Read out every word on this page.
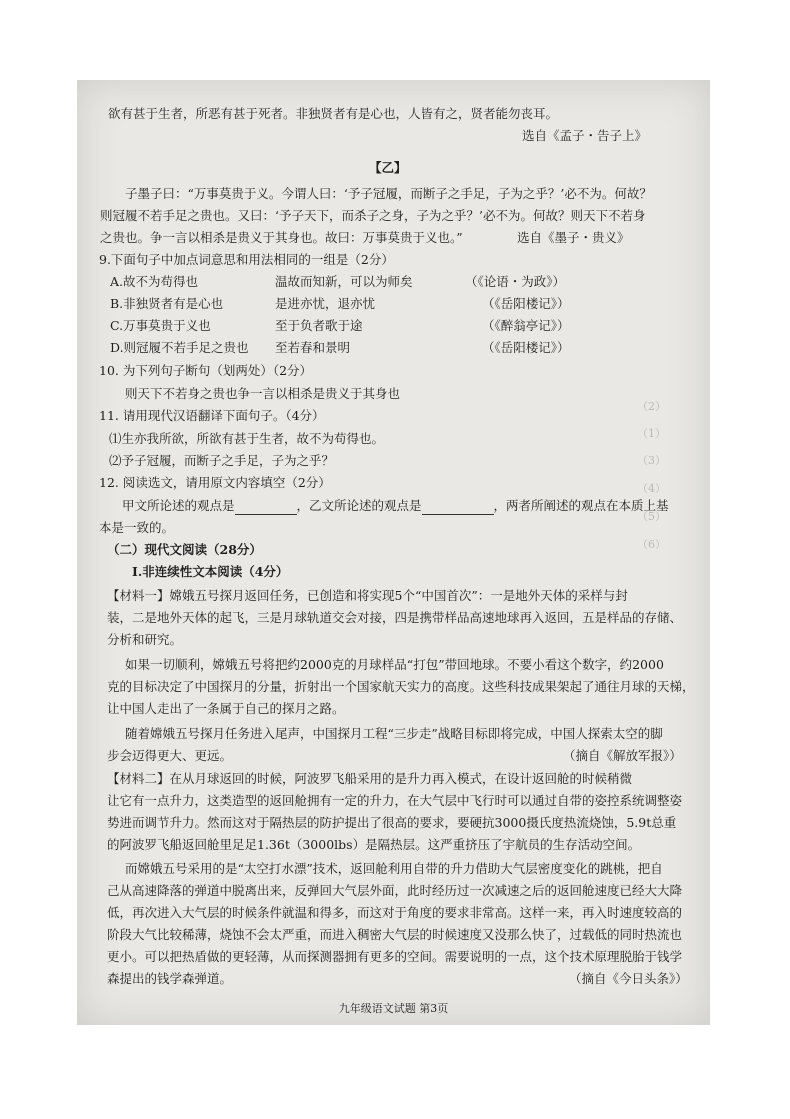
欲有甚于生者，所恶有甚于死者。非独贤者有是心也，人皆有之，贤者能勿丧耳。
选自《孟子・告子上》
【乙】
子墨子曰：“万事莫贵于义。今谓人曰：‘予子冠履，而断子之手足，子为之乎？’必不为。何故？
则冠履不若手足之贵也。又曰：‘予子天下，而杀子之身，子为之乎？’必不为。何故？则天下不若身
之贵也。争一言以相杀是贵义于其身也。故曰：万事莫贵于义也。”	选自《墨子・贵义》
9.下面句子中加点词意思和用法相同的一组是（2分）
A.故不为苟得也	温故而知新，可以为师矣	（《论语・为政》）
B.非独贤者有是心也	是进亦忧，退亦忧	（《岳阳楼记》）
C.万事莫贵于义也	至于负者歌于途	（《醉翁亭记》）
D.则冠履不若手足之贵也 至若春和景明	（《岳阳楼记》）
10. 为下列句子断句（划两处）（2分）
则天下不若身之贵也争一言以相杀是贵义于其身也
11. 请用现代汉语翻译下面句子。（4分）
⑴生亦我所欲，所欲有甚于生者，故不为苟得也。
⑵予子冠履，而断子之手足，子为之乎？
12. 阅读选文，请用原文内容填空（2分）
甲文所论述的观点是	，乙文所论述的观点是	，两者所阐述的观点在本质上基
本是一致的。
（二）现代文阅读（28分）
Ⅰ.非连续性文本阅读（4分）
【材料一】嫦娥五号探月返回任务，已创造和将实现5个“中国首次”：一是地外天体的采样与封
装，二是地外天体的起飞，三是月球轨道交会对接，四是携带样品高速地球再入返回，五是样品的存储、
分析和研究。
如果一切顺利，嫦娥五号将把约2000克的月球样品“打包”带回地球。不要小看这个数字，约2000
克的目标决定了中国探月的分量，折射出一个国家航天实力的高度。这些科技成果架起了通往月球的天梯，
让中国人走出了一条属于自己的探月之路。
随着嫦娥五号探月任务进入尾声，中国探月工程“三步走”战略目标即将完成，中国人探索太空的脚
步会迈得更大、更远。	（摘自《解放军报》）
【材料二】在从月球返回的时候，阿波罗飞船采用的是升力再入模式，在设计返回舱的时候稍微
让它有一点升力，这类造型的返回舱拥有一定的升力，在大气层中飞行时可以通过自带的姿控系统调整姿
势进而调节升力。然而这对于隔热层的防护提出了很高的要求，要硬抗3000摄氏度热流烧蚀，5.9t总重
的阿波罗飞船返回舱里足足1.36t（3000lbs）是隔热层。这严重挤压了宇航员的生存活动空间。
而嫦娥五号采用的是“太空打水漂”技术，返回舱利用自带的升力借助大气层密度变化的跳桃，把自
己从高速降落的弹道中脱离出来，反弹回大气层外面，此时经历过一次减速之后的返回舱速度已经大大降
低，再次进入大气层的时候条件就温和得多，而这对于角度的要求非常高。这样一来，再入时速度较高的
阶段大气比较稀薄，烧蚀不会太严重，而进入稠密大气层的时候速度又没那么快了，过载低的同时热流也
更小。可以把热盾做的更轻薄，从而探测器拥有更多的空间。需要说明的一点，这个技术原理脱胎于钱学
森提出的钱学森弹道。	（摘自《今日头条》）
九年级语文试题 第3页
（1）
（2）
（3）
（4）
（5）
（6）
